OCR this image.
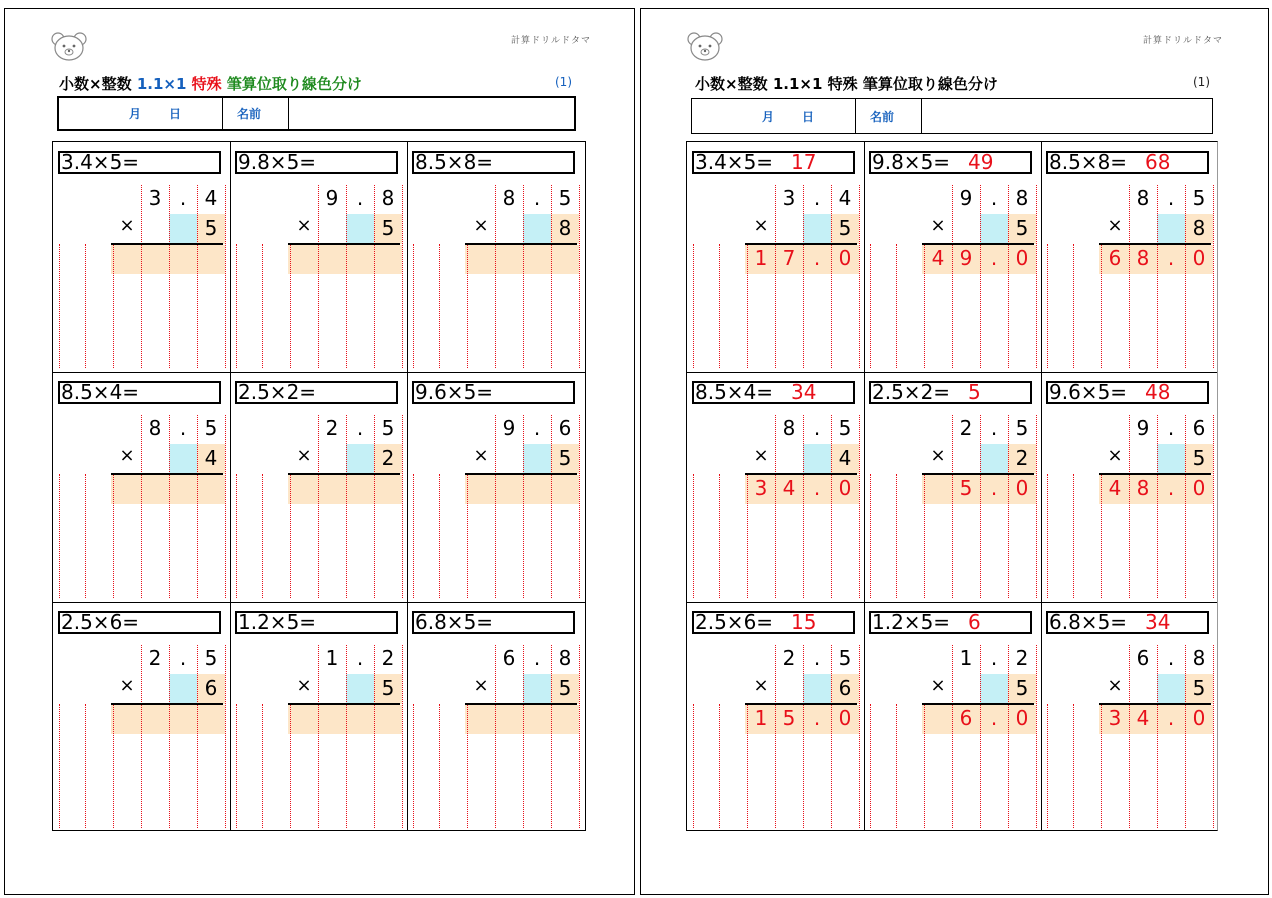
計算ドリルドタマ
小数×整数 1.1×1 特殊 筆算位取り線色分け	(1)
月 日	名前
3.4×5=
3 . 4
×	5
9.8×5=
9 . 8
×	5
8.5×8=
8 . 5
×	8
8.5×4=
8 . 5
×	4
2.5×2=
2 . 5
×	2
9.6×5=
9 . 6
×	5
2.5×6=
2 . 5
×	6
1.2×5=
1 . 2
×	5
6.8×5=
6 . 8
×	5
計算ドリルドタマ
小数×整数 1.1×1 特殊 筆算位取り線色分け	(1)
月 日	名前
3.4×5= 17
3 . 4
×	5
1 7 . 0
9.8×5= 49
9 . 8
×	5
4 9 . 0
8.5×8= 68
8 . 5
×	8
6 8 . 0
8.5×4= 34
8 . 5
×	4
3 4 . 0
2.5×2= 5
2 . 5
×	2
5 . 0
9.6×5= 48
9 . 6
×	5
4 8 . 0
2.5×6= 15
2 . 5
×	6
1 5 . 0
1.2×5= 6
1 . 2
×	5
6 . 0
6.8×5= 34
6 . 8
×	5
3 4 . 0
